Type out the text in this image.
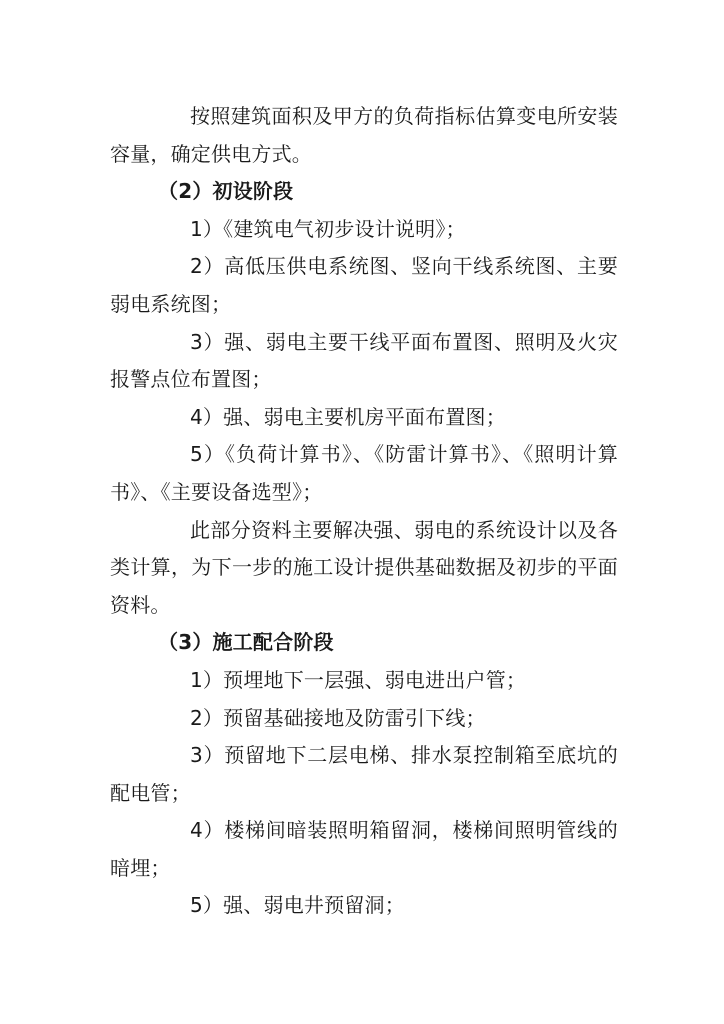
按照建筑面积及甲方的负荷指标估算变电所安装容量，确定供电方式。

（2）初设阶段

1）《建筑电气初步设计说明》；

2）高低压供电系统图、竖向干线系统图、主要弱电系统图；

3）强、弱电主要干线平面布置图、照明及火灾报警点位布置图；

4）强、弱电主要机房平面布置图；

5）《负荷计算书》、《防雷计算书》、《照明计算书》、《主要设备选型》；

此部分资料主要解决强、弱电的系统设计以及各类计算，为下一步的施工设计提供基础数据及初步的平面资料。

（3）施工配合阶段

1）预埋地下一层强、弱电进出户管；

2）预留基础接地及防雷引下线；

3）预留地下二层电梯、排水泵控制箱至底坑的配电管；

4）楼梯间暗装照明箱留洞，楼梯间照明管线的暗埋；

5）强、弱电井预留洞；
